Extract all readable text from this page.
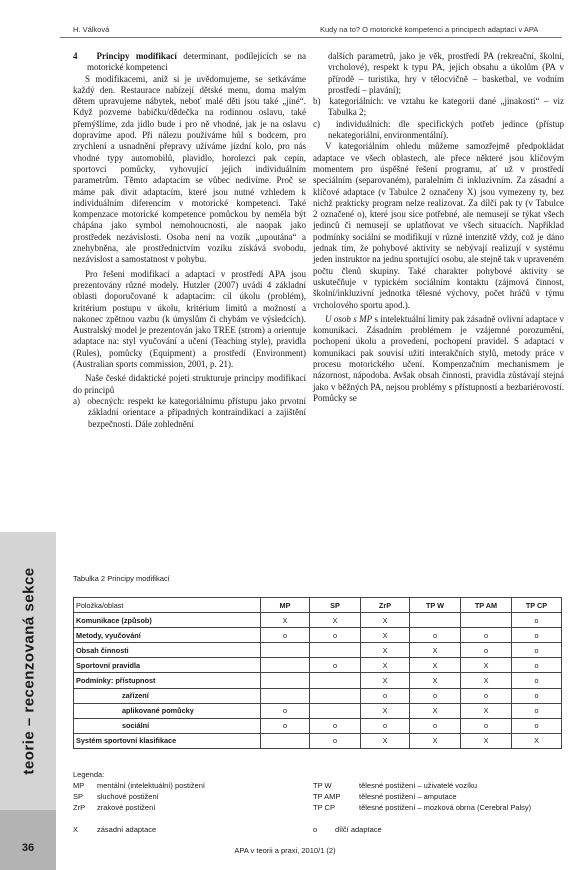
H. Válková	Kudy na to? O motorické kompetenci a principech adaptací v APA
teorie – recenzovaná sekce
36

4 Principy modifikací determinant, podílejících se na motorické kompetenci

S modifikacemi, aniž si je uvědomujeme, se setkáváme každý den. Restaurace nabízejí dětské menu, doma malým dětem upravujeme nábytek, neboť malé děti jsou také „jiné“. Když pozveme babičku/dědečka na rodinnou oslavu, také přemýšlíme, zda jídlo bude i pro ně vhodné, jak je na oslavu dopravíme apod. Při nálezu používáme hůl s bodcem, pro zrychlení a usnadnění přepravy užíváme jízdní kolo, pro nás vhodné typy automobilů, plavidlo, horolezci pak cepín, sportovci pomůcky, vyhovující jejich individuálním parametrům. Těmto adaptacím se vůbec nedivíme. Proč se máme pak divit adaptacím, které jsou nutné vzhledem k individuálním diferencím v motorické kompetenci. Také kompenzace motorické kompetence pomůckou by neměla být chápána jako symbol nemohoucnosti, ale naopak jako prostředek nezávislosti. Osoba není na vozík „upoutána“ a znehybněna, ale prostřednictvím vozíku získává svobodu, nezávislost a samostatnost v pohybu.

Pro řešení modifikací a adaptací v prostředí APA jsou prezentovány různé modely. Hutzler (2007) uvádí 4 základní oblasti doporučované k adaptacím: cíl úkolu (problém), kritérium postupu v úkolu, kritérium limitů a možností a nakonec zpětnou vazbu (k úmyslům či chybám ve výsledcích). Australský model je prezentován jako TREE (strom) a orientuje adaptace na: styl vyučování a učení (Teaching style), pravidla (Rules), pomůcky (Equipment) a prostředí (Environment) (Australian sports commission, 2001, p. 21).

Naše české didaktické pojetí strukturuje principy modifikací do principů

a) obecných: respekt ke kategoriálnímu přístupu jako prvotní základní orientace a případných kontraindikací a zajištění bezpečnosti. Dále zohlednění

dalších parametrů, jako je věk, prostředí PA (rekreační, školní, vrcholové), respekt k typu PA, jejich obsahu a úkolům (PA v přírodě – turistika, hry v tělocvičně – basketbal, ve vodním prostředí – plavání);

b) kategoriálních: ve vztahu ke kategorii dané „jinakosti“ – viz Tabulka 2;

c) individuálních: dle specifických potřeb jedince (přístup nekategoriální, environmentální).

V kategoriálním ohledu můžeme samozřejmě předpokládat adaptace ve všech oblastech, ale přece některé jsou klíčovým momentem pro úspěšné řešení programu, ať už v prostředí speciálním (separovaném), paralelním či inkluzivním. Za zásadní a klíčové adaptace (v Tabulce 2 označeny X) jsou vymezeny ty, bez nichž prakticky program nelze realizovat. Za dílčí pak ty (v Tabulce 2 označené o), které jsou sice potřebné, ale nemusejí se týkat všech jedinců či nemusejí se uplatňovat ve všech situacích. Například podmínky sociální se modifikují v různé intenzitě vždy, což je dáno jednak tím, že pohybové aktivity se nebývají realizují v systému jeden instruktor na jednu sportující osobu, ale stejně tak v upraveném počtu členů skupiny. Také charakter pohybové aktivity se uskutečňuje v typickém sociálním kontaktu (zájmová činnost, školní/inkluzivní jednotka tělesné výchovy, počet hráčů v týmu vrcholového sportu apod.).

U osob s MP s intelektuální limity pak zásadně ovlivní adaptace v komunikaci. Zásadním problémem je vzájemné porozumění, pochopení úkolu a provedení, pochopení pravidel. S adaptací v komunikaci pak souvisí užití interakčních stylů, metody práce v procesu motorického učení. Kompenzačním mechanismem je názornost, nápodoba. Avšak obsah činnosti, pravidla zůstávají stejná jako v běžných PA, nejsou problémy s přístupností a bezbariérovostí. Pomůcky se

Tabulka 2 Principy modifikací
Položka/oblast	MP	SP	ZrP	TP W	TP AM	TP CP
Komunikace (způsob)	X	X	X			o
Metody, vyučování	o	o	X	o	o	o
Obsah činnosti			X	X	o	o
Sportovní pravidla		o	X	X	X	o
Podmínky: přístupnost			X	X	X	o
zařízení			o	o	o	o
aplikované pomůcky	o		X	X	X	o
sociální	o	o	o	o	o	o
Systém sportovní klasifikace		o	X	X	X	X
Legenda:
MP mentální (intelektuální) postižení
SP sluchové postižení
ZrP zrakové postižení
X	zásadní adaptace
TP W	tělesné postižení – uživatelé vozíku
TP AMP tělesné postižení – amputace
TP CP	tělesné postižení – mozková obrna (Cerebral Palsy)
o dílčí adaptace
APA v teorii a praxi, 2010/1 (2)
